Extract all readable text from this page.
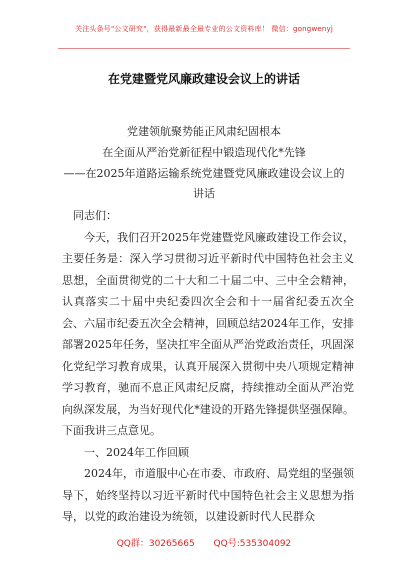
关注头条号"公文研究"，获得最新最全最专业的公文资料库！ 微信：gongwenyj
在党建暨党风廉政建设会议上的讲话
党建领航聚势能正风肃纪固根本
在全面从严治党新征程中锻造现代化*先锋
——在2025年道路运输系统党建暨党风廉政建设会议上的
讲话

同志们：

今天，我们召开2025年党建暨党风廉政建设工作会议，主要任务是：深入学习贯彻习近平新时代中国特色社会主义思想，全面贯彻党的二十大和二十届二中、三中全会精神，认真落实二十届中央纪委四次全会和十一届省纪委五次全会、六届市纪委五次全会精神，回顾总结2024年工作，安排部署2025年任务，坚决扛牢全面从严治党政治责任，巩固深化党纪学习教育成果，认真开展深入贯彻中央八项规定精神学习教育，驰而不息正风肃纪反腐，持续推动全面从严治党向纵深发展，为当好现代化*建设的开路先锋提供坚强保障。下面我讲三点意见。

一、2024年工作回顾

2024年，市道服中心在市委、市政府、局党组的坚强领导下，始终坚持以习近平新时代中国特色社会主义思想为指导，以党的政治建设为统领，以建设新时代人民群众

QQ群：30265665 QQ号:535304092
